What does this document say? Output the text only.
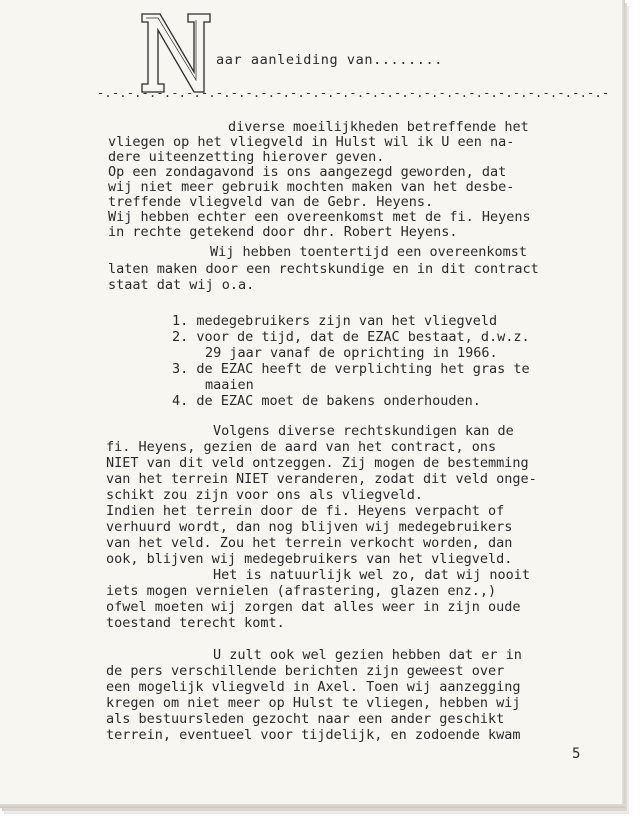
aar aanleiding van........
-.-.-.-.-.-.-.-.-.-.-.-.-.-.-.-.-.-.-.-.-.-.-.-.-.-.-.-.-.-.-.-.-.-.-
diverse moeilijkheden betreffende het
vliegen op het vliegveld in Hulst wil ik U een na-
dere uiteenzetting hierover geven.
Op een zondagavond is ons aangezegd geworden, dat
wij niet meer gebruik mochten maken van het desbe-
treffende vliegveld van de Gebr. Heyens.
Wij hebben echter een overeenkomst met de fi. Heyens
in rechte getekend door dhr. Robert Heyens.
Wij hebben toentertijd een overeenkomst
laten maken door een rechtskundige en in dit contract
staat dat wij o.a.
1. medegebruikers zijn van het vliegveld
2. voor de tijd, dat de EZAC bestaat, d.w.z.
29 jaar vanaf de oprichting in 1966.
3. de EZAC heeft de verplichting het gras te
maaien
4. de EZAC moet de bakens onderhouden.
Volgens diverse rechtskundigen kan de
fi. Heyens, gezien de aard van het contract, ons
NIET van dit veld ontzeggen. Zij mogen de bestemming
van het terrein NIET veranderen, zodat dit veld onge-
schikt zou zijn voor ons als vliegveld.
Indien het terrein door de fi. Heyens verpacht of
verhuurd wordt, dan nog blijven wij medegebruikers
van het veld. Zou het terrein verkocht worden, dan
ook, blijven wij medegebruikers van het vliegveld.
Het is natuurlijk wel zo, dat wij nooit
iets mogen vernielen (afrastering, glazen enz.,)
ofwel moeten wij zorgen dat alles weer in zijn oude
toestand terecht komt.
U zult ook wel gezien hebben dat er in
de pers verschillende berichten zijn geweest over
een mogelijk vliegveld in Axel. Toen wij aanzegging
kregen om niet meer op Hulst te vliegen, hebben wij
als bestuursleden gezocht naar een ander geschikt
terrein, eventueel voor tijdelijk, en zodoende kwam
5
